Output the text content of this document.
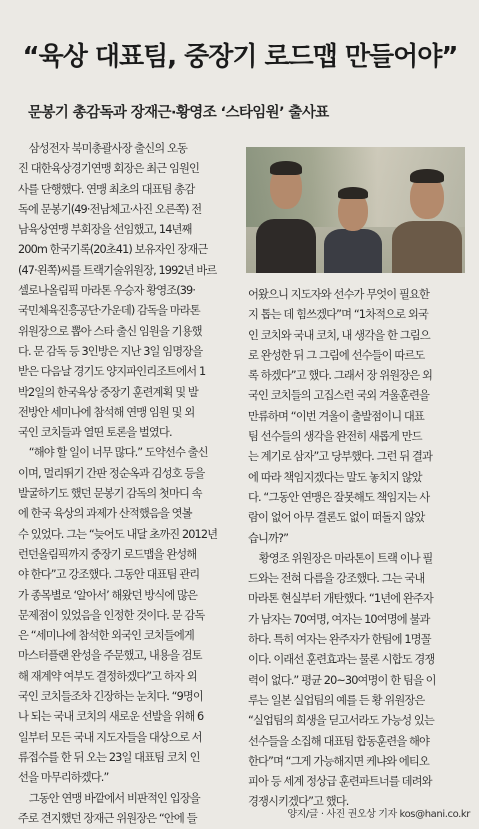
“육상 대표팀, 중장기 로드맵 만들어야”
문봉기 총감독과 장재근·황영조 ‘스타임원’ 출사표

삼성전자 북미총괄사장 출신의 오동

진 대한육상경기연맹 회장은 최근 임원인

사를 단행했다. 연맹 최초의 대표팀 총감

독에 문봉기(49·전남체고·사진 오른쪽) 전

남육상연맹 부회장을 선임했고, 14년째

200m 한국기록(20초41) 보유자인 장재근

(47·왼쪽)씨를 트랙기술위원장, 1992년 바르

셀로나올림픽 마라톤 우승자 황영조(39·

국민체육진흥공단·가운데) 감독을 마라톤

위원장으로 뽑아 스타 출신 임원을 기용했

다. 문 감독 등 3인방은 지난 3일 임명장을

받은 다음날 경기도 양지파인리조트에서 1

박2일의 한국육상 중장기 훈련계획 및 발

전방안 세미나에 참석해 연맹 임원 및 외

국인 코치들과 열띤 토론을 벌였다.

“해야 할 일이 너무 많다.” 도약선수 출신

이며, 멀리뛰기 간판 정순옥과 김성호 등을

발굴하기도 했던 문봉기 감독의 첫마디 속

에 한국 육상의 과제가 산적했음을 엿볼

수 있었다. 그는 “늦어도 내달 초까진 2012년

런던올림픽까지 중장기 로드맵을 완성해

야 한다”고 강조했다. 그동안 대표팀 관리

가 종목별로 ‘알아서’ 해왔던 방식에 많은

문제점이 있었음을 인정한 것이다. 문 감독

은 “세미나에 참석한 외국인 코치들에게

마스터플랜 완성을 주문했고, 내용을 검토

해 재계약 여부도 결정하겠다”고 하자 외

국인 코치들조차 긴장하는 눈치다. “9명이

나 되는 국내 코치의 새로운 선발을 위해 6

일부터 모든 국내 지도자들을 대상으로 서

류접수를 한 뒤 오는 23일 대표팀 코치 인

선을 마무리하겠다.”

그동안 연맹 바깥에서 비판적인 입장을

주로 견지했던 장재근 위원장은 “안에 들

어왔으니 지도자와 선수가 무엇이 필요한

지 톱는 데 힘쓰겠다”며 “1차적으로 외국

인 코치와 국내 코치, 내 생각을 한 그림으

로 완성한 뒤 그 그림에 선수들이 따르도

록 하겠다”고 했다. 그래서 장 위원장은 외

국인 코치들의 고집스런 국외 겨울훈련을

만류하며 “이번 겨울이 출발점이니 대표

팀 선수들의 생각을 완전히 새롭게 만드

는 계기로 삼자”고 당부했다. 그런 뒤 결과

에 따라 책임지겠다는 말도 놓치지 않았

다. “그동안 연맹은 잘못해도 책임지는 사

람이 없어 아무 결론도 없이 떠돌지 않았

습니까?”

황영조 위원장은 마라톤이 트랙 이나 필

드와는 전혀 다름을 강조했다. 그는 국내

마라톤 현실부터 개탄했다. “1년에 완주자

가 남자는 70여명, 여자는 10여명에 불과

하다. 특히 여자는 완주자가 한팀에 1명꼴

이다. 이래선 훈련효과는 물론 시합도 경쟁

력이 없다.” 평균 20~30여명이 한 팀을 이

루는 일본 실업팀의 예를 든 황 위원장은

“실업팀의 희생을 딛고서라도 가능성 있는

선수들을 소집해 대표팀 합동훈련을 해야

한다”며 “그게 가능해지면 케냐와 에티오

피아 등 세계 정상급 훈련파트너를 데려와

경쟁시키겠다”고 했다.

양지/글 · 사진 권오상 기자 kos@hani.co.kr
